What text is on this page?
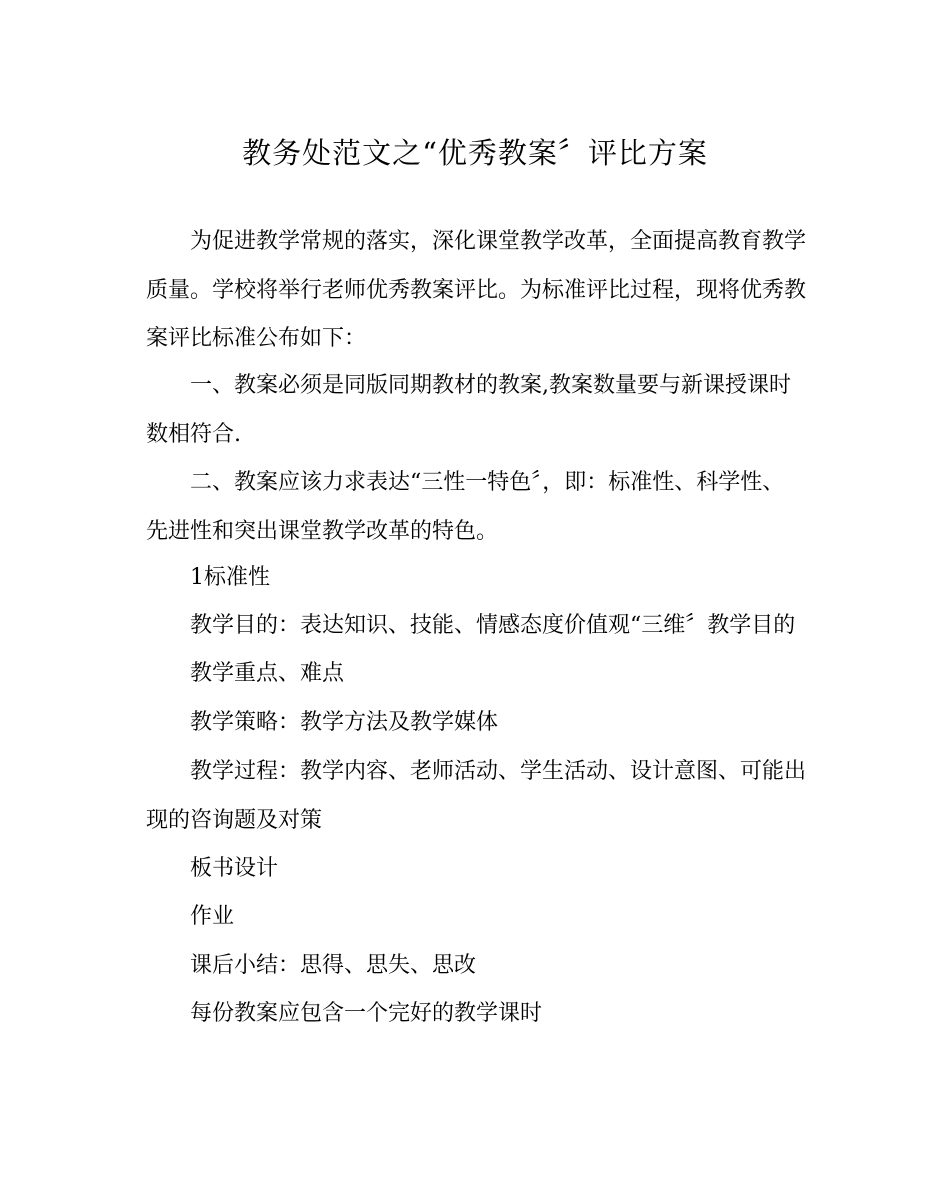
教务处范文之“优秀教案〞评比方案

为促进教学常规的落实，深化课堂教学改革，全面提高教育教学质量。学校将举行老师优秀教案评比。为标准评比过程，现将优秀教案评比标准公布如下：

一、教案必须是同版同期教材的教案,教案数量要与新课授课时数相符合.

二、教案应该力求表达“三性一特色〞，即：标准性、科学性、先进性和突出课堂教学改革的特色。

1标准性

教学目的：表达知识、技能、情感态度价值观“三维〞教学目的

教学重点、难点

教学策略：教学方法及教学媒体

教学过程：教学内容、老师活动、学生活动、设计意图、可能出现的咨询题及对策

板书设计

作业

课后小结：思得、思失、思改

每份教案应包含一个完好的教学课时
